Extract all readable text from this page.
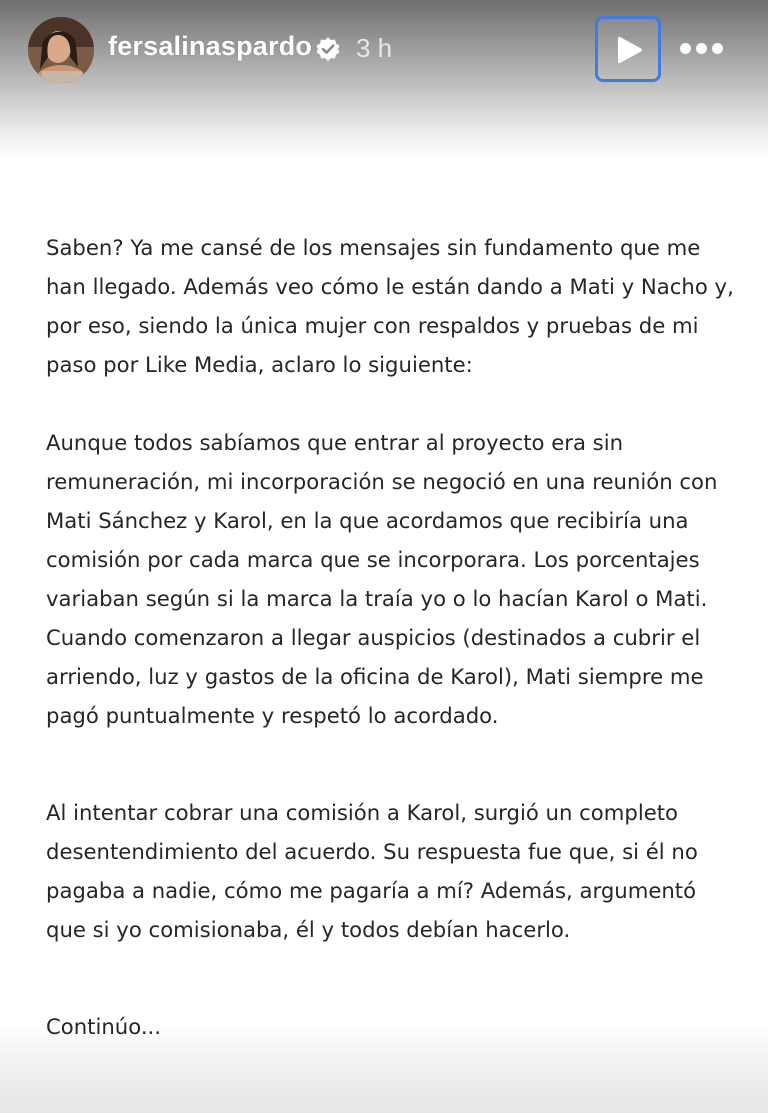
fersalinaspardo 3 h

Saben? Ya me cansé de los mensajes sin fundamento que me
han llegado. Además veo cómo le están dando a Mati y Nacho y,
por eso, siendo la única mujer con respaldos y pruebas de mi
paso por Like Media, aclaro lo siguiente:

Aunque todos sabíamos que entrar al proyecto era sin
remuneración, mi incorporación se negoció en una reunión con
Mati Sánchez y Karol, en la que acordamos que recibiría una
comisión por cada marca que se incorporara. Los porcentajes
variaban según si la marca la traía yo o lo hacían Karol o Mati.
Cuando comenzaron a llegar auspicios (destinados a cubrir el
arriendo, luz y gastos de la oficina de Karol), Mati siempre me
pagó puntualmente y respetó lo acordado.

Al intentar cobrar una comisión a Karol, surgió un completo
desentendimiento del acuerdo. Su respuesta fue que, si él no
pagaba a nadie, cómo me pagaría a mí? Además, argumentó
que si yo comisionaba, él y todos debían hacerlo.

Continúo...
